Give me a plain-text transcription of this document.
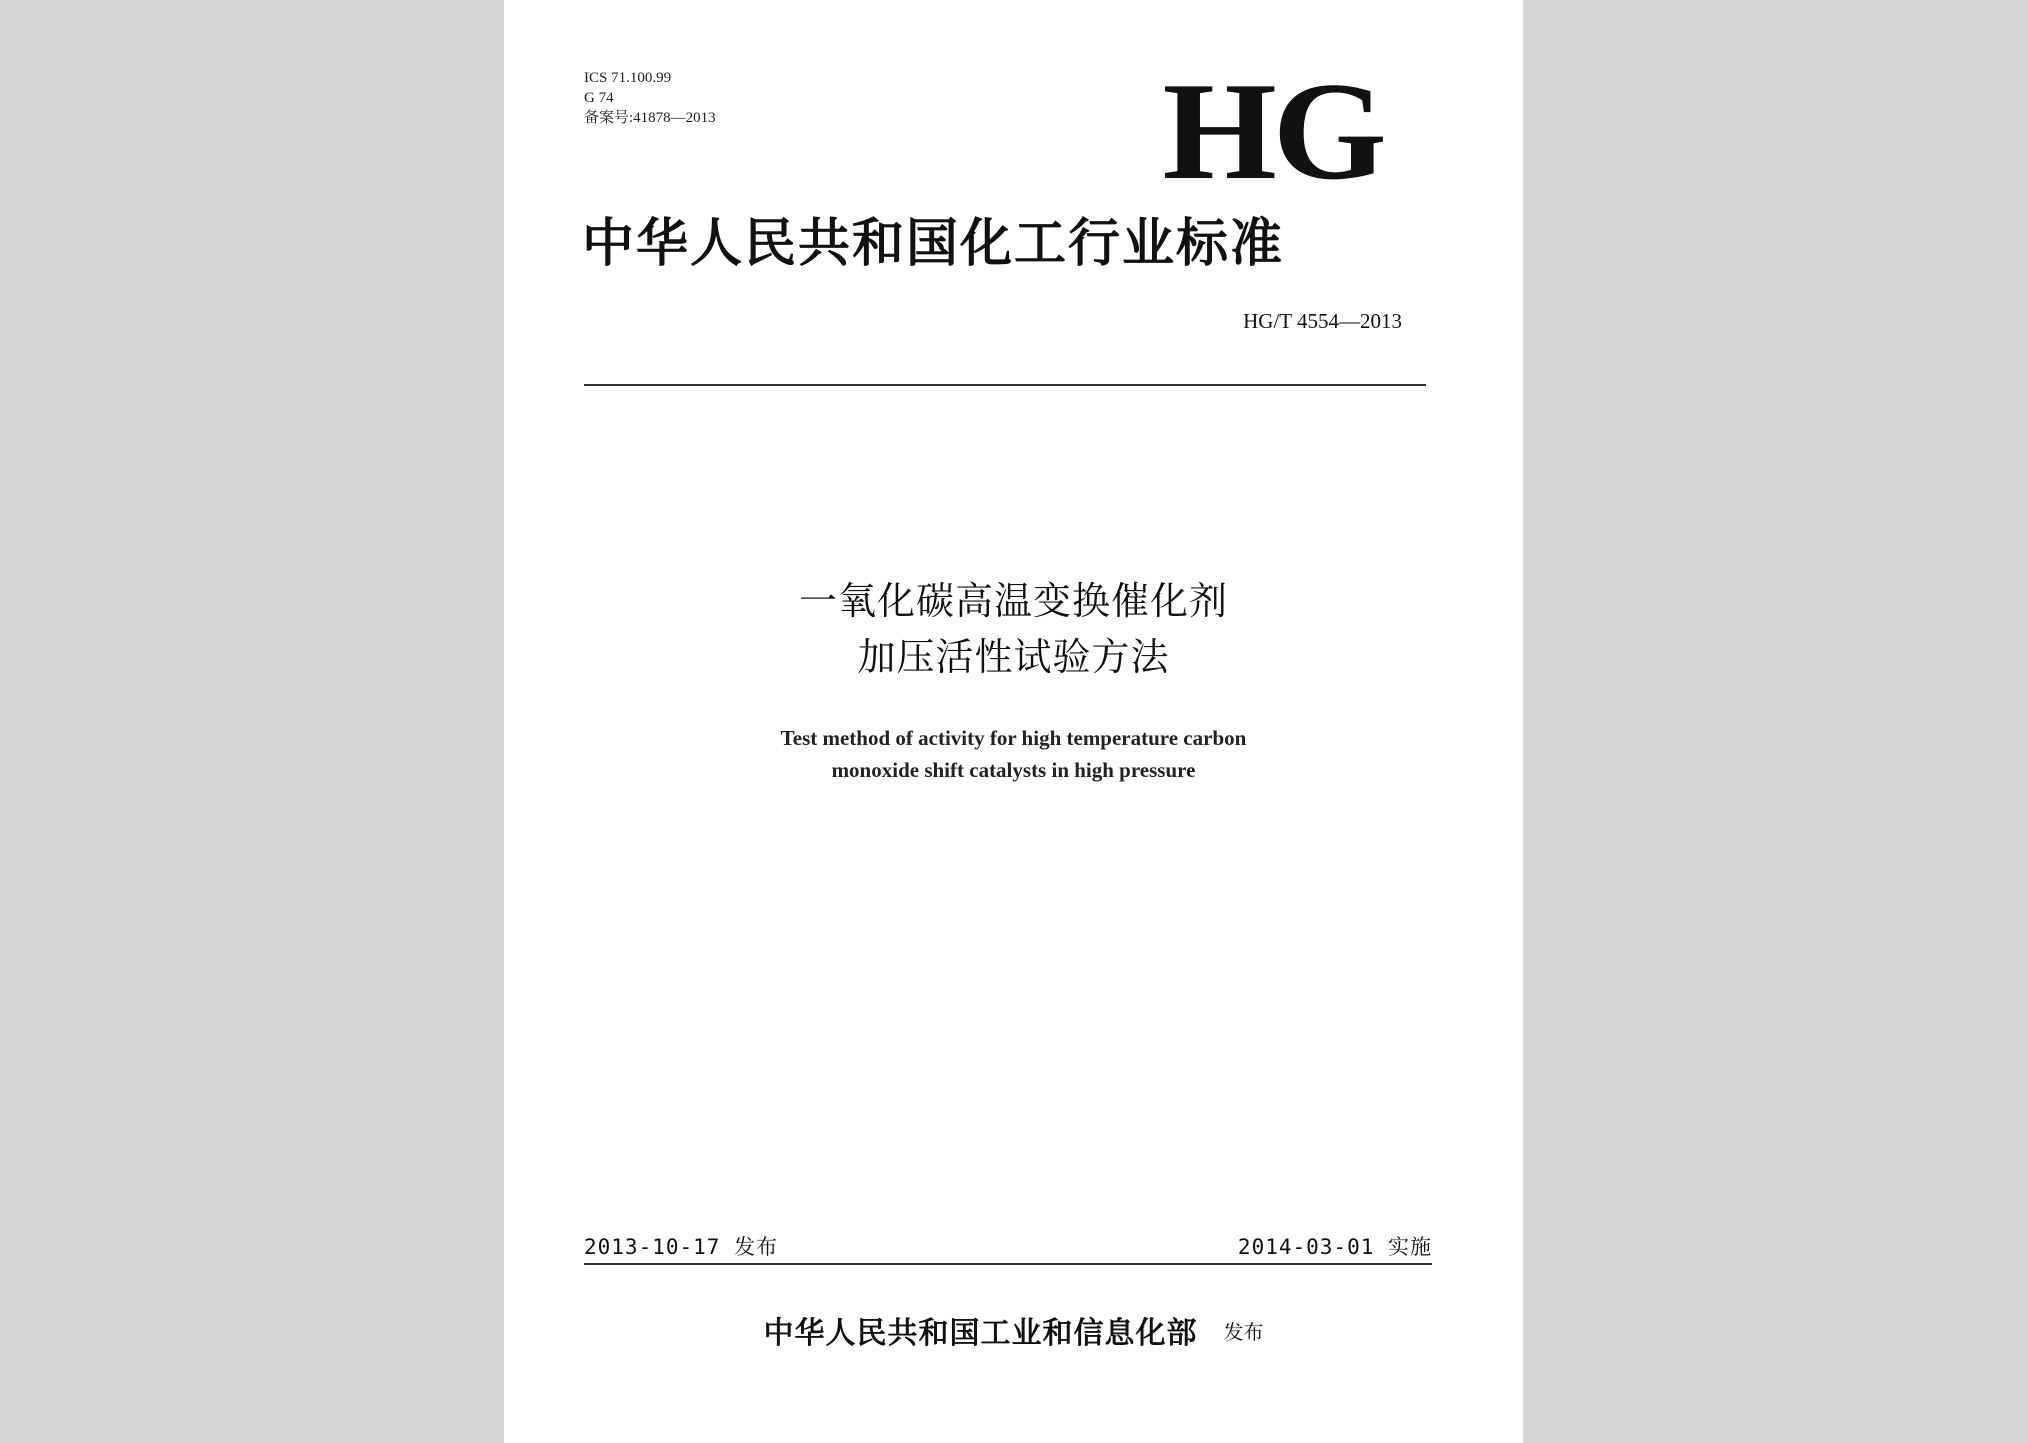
ICS 71.100.99
G 74
备案号:41878—2013	HG
中华人民共和国化工行业标准
HG/T 4554—2013
一氧化碳高温变换催化剂
加压活性试验方法
Test method of activity for high temperature carbon
monoxide shift catalysts in high pressure
2013-10-17 发布	2014-03-01 实施
中华人民共和国工业和信息化部 发布
